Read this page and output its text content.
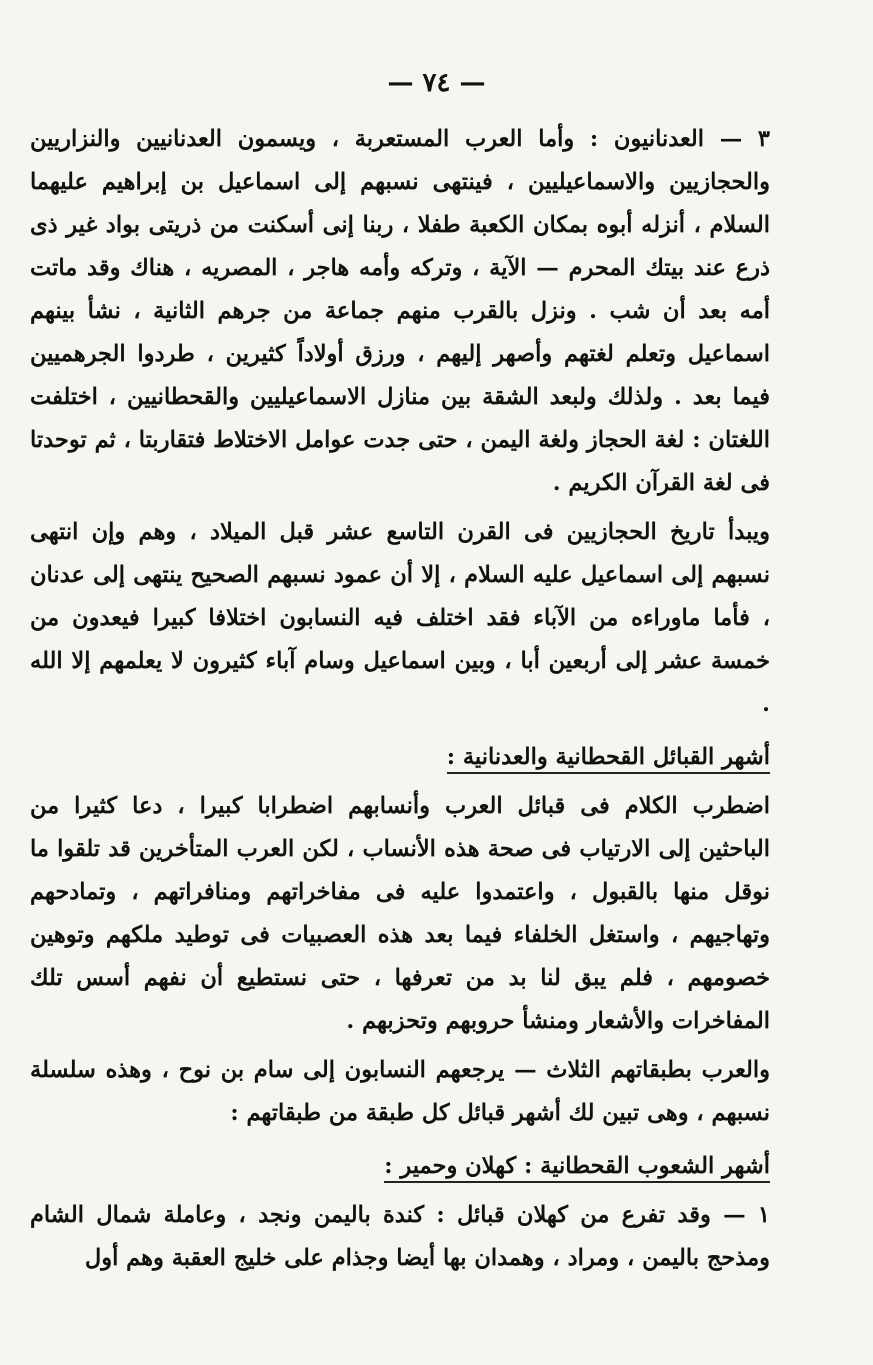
— ٧٤ —

٣ — العدنانيون : وأما العرب المستعربة ، ويسمون العدنانيين والنزاريين والحجازيين والاسماعيليين ، فينتهى نسبهم إلى اسماعيل بن إبراهيم عليهما السلام ، أنزله أبوه بمكان الكعبة طفلا ، ربنا إنى أسكنت من ذريتى بواد غير ذى ذرع عند بيتك المحرم — الآية ، وتركه وأمه هاجر ، المصريه ، هناك وقد ماتت أمه بعد أن شب . ونزل بالقرب منهم جماعة من جرهم الثانية ، نشأ بينهم اسماعيل وتعلم لغتهم وأصهر إليهم ، ورزق أولاداً كثيرين ، طردوا الجرهميين فيما بعد . ولذلك ولبعد الشقة بين منازل الاسماعيليين والقحطانيين ، اختلفت اللغتان : لغة الحجاز ولغة اليمن ، حتى جدت عوامل الاختلاط فتقاربتا ، ثم توحدتا فى لغة القرآن الكريم .

ويبدأ تاريخ الحجازيين فى القرن التاسع عشر قبل الميلاد ، وهم وإن انتهى نسبهم إلى اسماعيل عليه السلام ، إلا أن عمود نسبهم الصحيح ينتهى إلى عدنان ، فأما ماوراءه من الآباء فقد اختلف فيه النسابون اختلافا كبيرا فيعدون من خمسة عشر إلى أربعين أبا ، وبين اسماعيل وسام آباء كثيرون لا يعلمهم إلا الله .

أشهر القبائل القحطانية والعدنانية :

اضطرب الكلام فى قبائل العرب وأنسابهم اضطرابا كبيرا ، دعا كثيرا من الباحثين إلى الارتياب فى صحة هذه الأنساب ، لكن العرب المتأخرين قد تلقوا ما نوقل منها بالقبول ، واعتمدوا عليه فى مفاخراتهم ومنافراتهم ، وتمادحهم وتهاجيهم ، واستغل الخلفاء فيما بعد هذه العصبيات فى توطيد ملكهم وتوهين خصومهم ، فلم يبق لنا بد من تعرفها ، حتى نستطيع أن نفهم أسس تلك المفاخرات والأشعار ومنشأ حروبهم وتحزبهم .

والعرب بطبقاتهم الثلاث — يرجعهم النسابون إلى سام بن نوح ، وهذه سلسلة نسبهم ، وهى تبين لك أشهر قبائل كل طبقة من طبقاتهم :

أشهر الشعوب القحطانية : كهلان وحمير :

١ — وقد تفرع من كهلان قبائل : كندة باليمن ونجد ، وعاملة شمال الشام ومذحج باليمن ، ومراد ، وهمدان بها أيضا وجذام على خليج العقبة وهم أول
